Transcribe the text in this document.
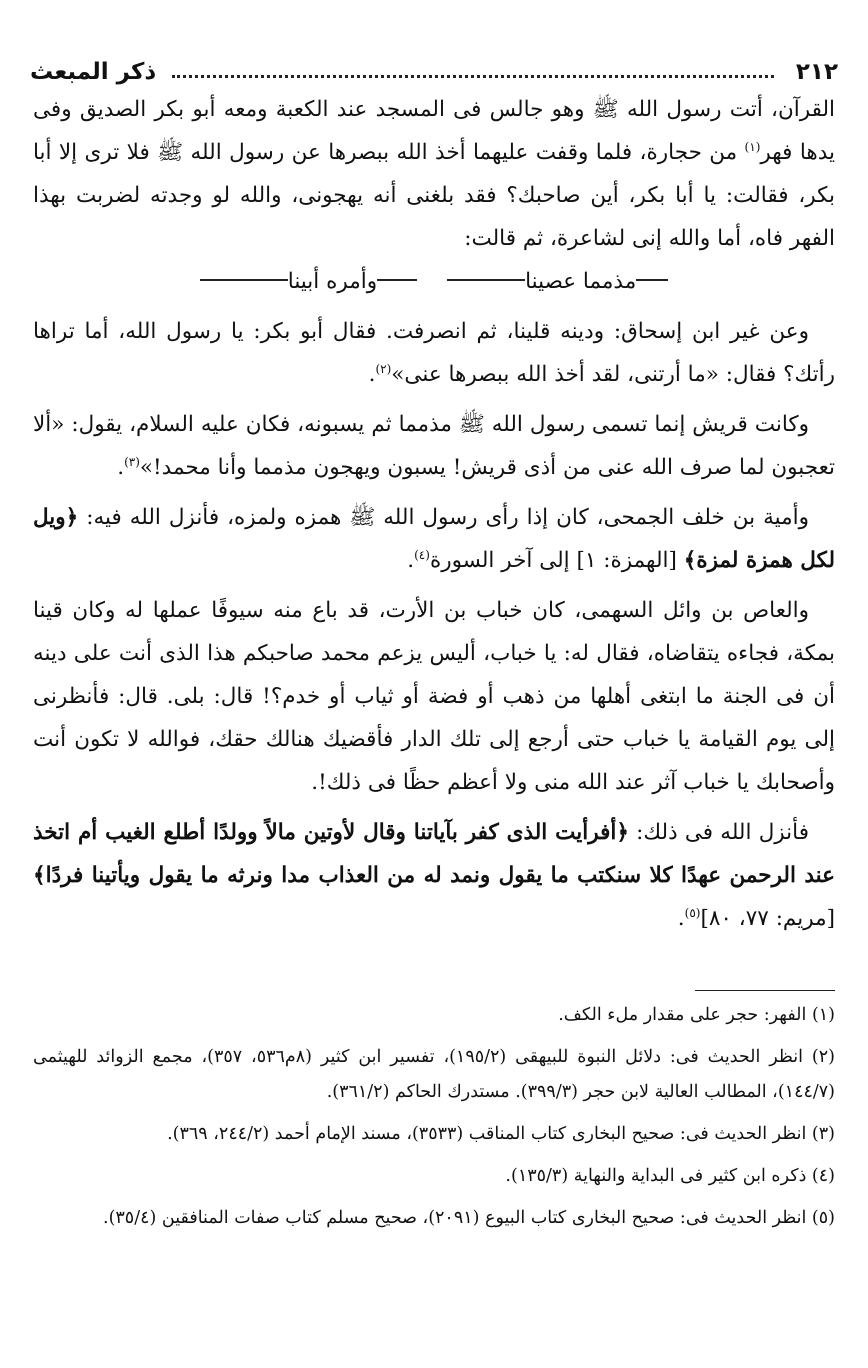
٢١٢
ذكر المبعث

القرآن، أتت رسول الله ﷺ وهو جالس فى المسجد عند الكعبة ومعه أبو بكر الصديق وفى يدها فهر$^{(١)}$ من حجارة، فلما وقفت عليهما أخذ الله ببصرها عن رسول الله ﷺ فلا ترى إلا أبا بكر، فقالت: يا أبا بكر، أين صاحبك؟ فقد بلغنى أنه يهجونى، والله لو وجدته لضربت بهذا الفهر فاه، أما والله إنى لشاعرة، ثم قالت:

مذمما عصينا
وأمره أبينا

وعن غير ابن إسحاق: ودينه قلينا، ثم انصرفت. فقال أبو بكر: يا رسول الله، أما تراها رأتك؟ فقال: «ما أرتنى، لقد أخذ الله ببصرها عنى»$^{(٢)}$.

وكانت قريش إنما تسمى رسول الله ﷺ مذمما ثم يسبونه، فكان عليه السلام، يقول: «ألا تعجبون لما صرف الله عنى من أذى قريش! يسبون ويهجون مذمما وأنا محمد!»$^{(٣)}$.

وأمية بن خلف الجمحى، كان إذا رأى رسول الله ﷺ همزه ولمزه، فأنزل الله فيه: ﴿ويل لكل همزة لمزة﴾ [الهمزة: ١] إلى آخر السورة$^{(٤)}$.

والعاص بن وائل السهمى، كان خباب بن الأرت، قد باع منه سيوفًا عملها له وكان قينا بمكة، فجاءه يتقاضاه، فقال له: يا خباب، أليس يزعم محمد صاحبكم هذا الذى أنت على دينه أن فى الجنة ما ابتغى أهلها من ذهب أو فضة أو ثياب أو خدم؟! قال: بلى. قال: فأنظرنى إلى يوم القيامة يا خباب حتى أرجع إلى تلك الدار فأقضيك هنالك حقك، فوالله لا تكون أنت وأصحابك يا خباب آثر عند الله منى ولا أعظم حظًا فى ذلك!.

فأنزل الله فى ذلك: ﴿أفرأيت الذى كفر بآياتنا وقال لأوتين مالاً وولدًا أطلع الغيب أم اتخذ عند الرحمن عهدًا كلا سنكتب ما يقول ونمد له من العذاب مدا ونرثه ما يقول ويأتينا فردًا﴾ [مريم: ٧٧، ٨٠]$^{(٥)}$.

(١) الفهر: حجر على مقدار ملء الكف.

(٢) انظر الحديث فى: دلائل النبوة للبيهقى (١٩٥/٢)، تفسير ابن كثير (٨م٥٣٦، ٣٥٧)، مجمع الزوائد للهيثمى (١٤٤/٧)، المطالب العالية لابن حجر (٣٩٩/٣). مستدرك الحاكم (٣٦١/٢).

(٣) انظر الحديث فى: صحيح البخارى كتاب المناقب (٣٥٣٣)، مسند الإمام أحمد (٢٤٤/٢، ٣٦٩).

(٤) ذكره ابن كثير فى البداية والنهاية (١٣٥/٣).

(٥) انظر الحديث فى: صحيح البخارى كتاب البيوع (٢٠٩١)، صحيح مسلم كتاب صفات المنافقين (٣٥/٤).
